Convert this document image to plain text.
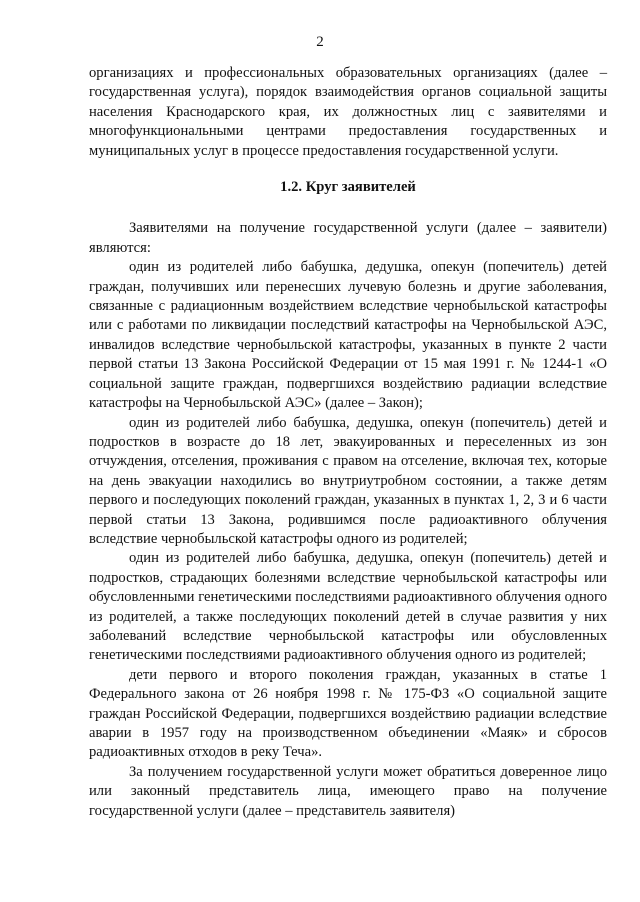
2

организациях и профессиональных образовательных организациях (далее – государственная услуга), порядок взаимодействия органов социальной защиты населения Краснодарского края, их должностных лиц с заявителями и многофункциональными центрами предоставления государственных и муниципальных услуг в процессе предоставления государственной услуги.

1.2. Круг заявителей

Заявителями на получение государственной услуги (далее – заявители) являются:

один из родителей либо бабушка, дедушка, опекун (попечитель) детей граждан, получивших или перенесших лучевую болезнь и другие заболевания, связанные с радиационным воздействием вследствие чернобыльской катастрофы или с работами по ликвидации последствий катастрофы на Чернобыльской АЭС, инвалидов вследствие чернобыльской катастрофы, указанных в пункте 2 части первой статьи 13 Закона Российской Федерации от 15 мая 1991 г. № 1244-1 «О социальной защите граждан, подвергшихся воздействию радиации вследствие катастрофы на Чернобыльской АЭС» (далее – Закон);

один из родителей либо бабушка, дедушка, опекун (попечитель) детей и подростков в возрасте до 18 лет, эвакуированных и переселенных из зон отчуждения, отселения, проживания с правом на отселение, включая тех, которые на день эвакуации находились во внутриутробном состоянии, а также детям первого и последующих поколений граждан, указанных в пунктах 1, 2, 3 и 6 части первой статьи 13 Закона, родившимся после радиоактивного облучения вследствие чернобыльской катастрофы одного из родителей;

один из родителей либо бабушка, дедушка, опекун (попечитель) детей и подростков, страдающих болезнями вследствие чернобыльской катастрофы или обусловленными генетическими последствиями радиоактивного облучения одного из родителей, а также последующих поколений детей в случае развития у них заболеваний вследствие чернобыльской катастрофы или обусловленных генетическими последствиями радиоактивного облучения одного из родителей;

дети первого и второго поколения граждан, указанных в статье 1 Федерального закона от 26 ноября 1998 г. № 175-ФЗ «О социальной защите граждан Российской Федерации, подвергшихся воздействию радиации вследствие аварии в 1957 году на производственном объединении «Маяк» и сбросов радиоактивных отходов в реку Теча».

За получением государственной услуги может обратиться доверенное лицо или законный представитель лица, имеющего право на получение государственной услуги (далее – представитель заявителя)
